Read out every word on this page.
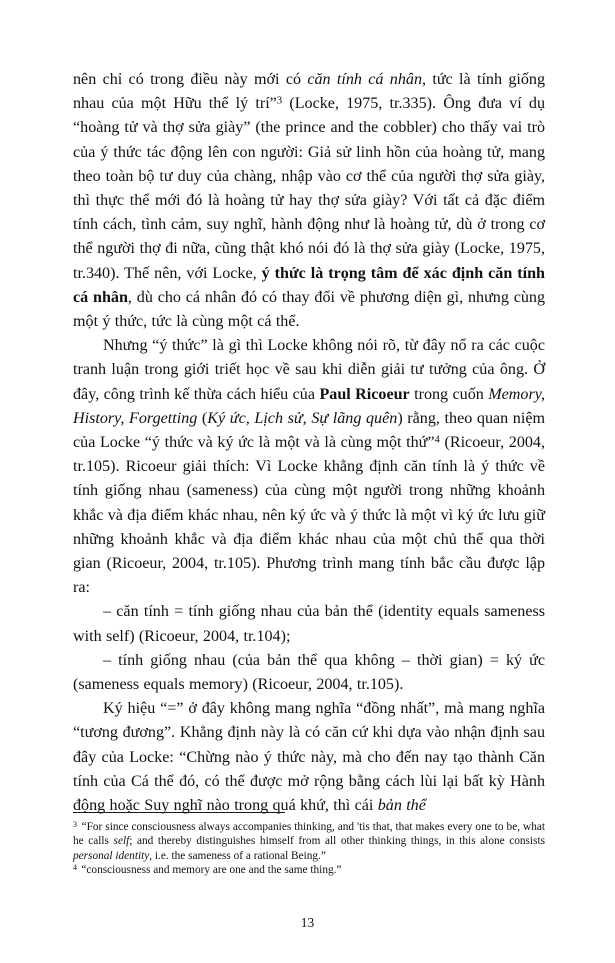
nên chỉ có trong điều này mới có căn tính cá nhân, tức là tính giống nhau của một Hữu thể lý trí”$^3$ (Locke, 1975, tr.335). Ông đưa ví dụ “hoàng tử và thợ sửa giày” (the prince and the cobbler) cho thấy vai trò của ý thức tác động lên con người: Giả sử linh hồn của hoàng tử, mang theo toàn bộ tư duy của chàng, nhập vào cơ thể của người thợ sửa giày, thì thực thể mới đó là hoàng tử hay thợ sửa giày? Với tất cả đặc điểm tính cách, tình cảm, suy nghĩ, hành động như là hoàng tử, dù ở trong cơ thể người thợ đi nữa, cũng thật khó nói đó là thợ sửa giày (Locke, 1975, tr.340). Thế nên, với Locke, ý thức là trọng tâm để xác định căn tính cá nhân, dù cho cá nhân đó có thay đổi về phương diện gì, nhưng cùng một ý thức, tức là cùng một cá thể.

Nhưng “ý thức” là gì thì Locke không nói rõ, từ đây nổ ra các cuộc tranh luận trong giới triết học về sau khi diễn giải tư tưởng của ông. Ở đây, công trình kế thừa cách hiểu của Paul Ricoeur trong cuốn Memory, History, Forgetting (Ký ức, Lịch sử, Sự lãng quên) rằng, theo quan niệm của Locke “ý thức và ký ức là một và là cùng một thứ”$^4$ (Ricoeur, 2004, tr.105). Ricoeur giải thích: Vì Locke khẳng định căn tính là ý thức về tính giống nhau (sameness) của cùng một người trong những khoảnh khắc và địa điểm khác nhau, nên ký ức và ý thức là một vì ký ức lưu giữ những khoảnh khắc và địa điểm khác nhau của một chủ thể qua thời gian (Ricoeur, 2004, tr.105). Phương trình mang tính bắc cầu được lập ra:

– căn tính = tính giống nhau của bản thể (identity equals sameness with self) (Ricoeur, 2004, tr.104);

– tính giống nhau (của bản thể qua không – thời gian) = ký ức (sameness equals memory) (Ricoeur, 2004, tr.105).

Ký hiệu “=” ở đây không mang nghĩa “đồng nhất”, mà mang nghĩa “tương đương”. Khẳng định này là có căn cứ khi dựa vào nhận định sau đây của Locke: “Chừng nào ý thức này, mà cho đến nay tạo thành Căn tính của Cá thể đó, có thể được mở rộng bằng cách lùi lại bất kỳ Hành động hoặc Suy nghĩ nào trong quá khứ, thì cái bản thể

$^3$ “For since consciousness always accompanies thinking, and 'tis that, that makes every one to be, what he calls self; and thereby distinguishes himself from all other thinking things, in this alone consists personal identity, i.e. the sameness of a rational Being.”

$^4$ “consciousness and memory are one and the same thing.”

13
